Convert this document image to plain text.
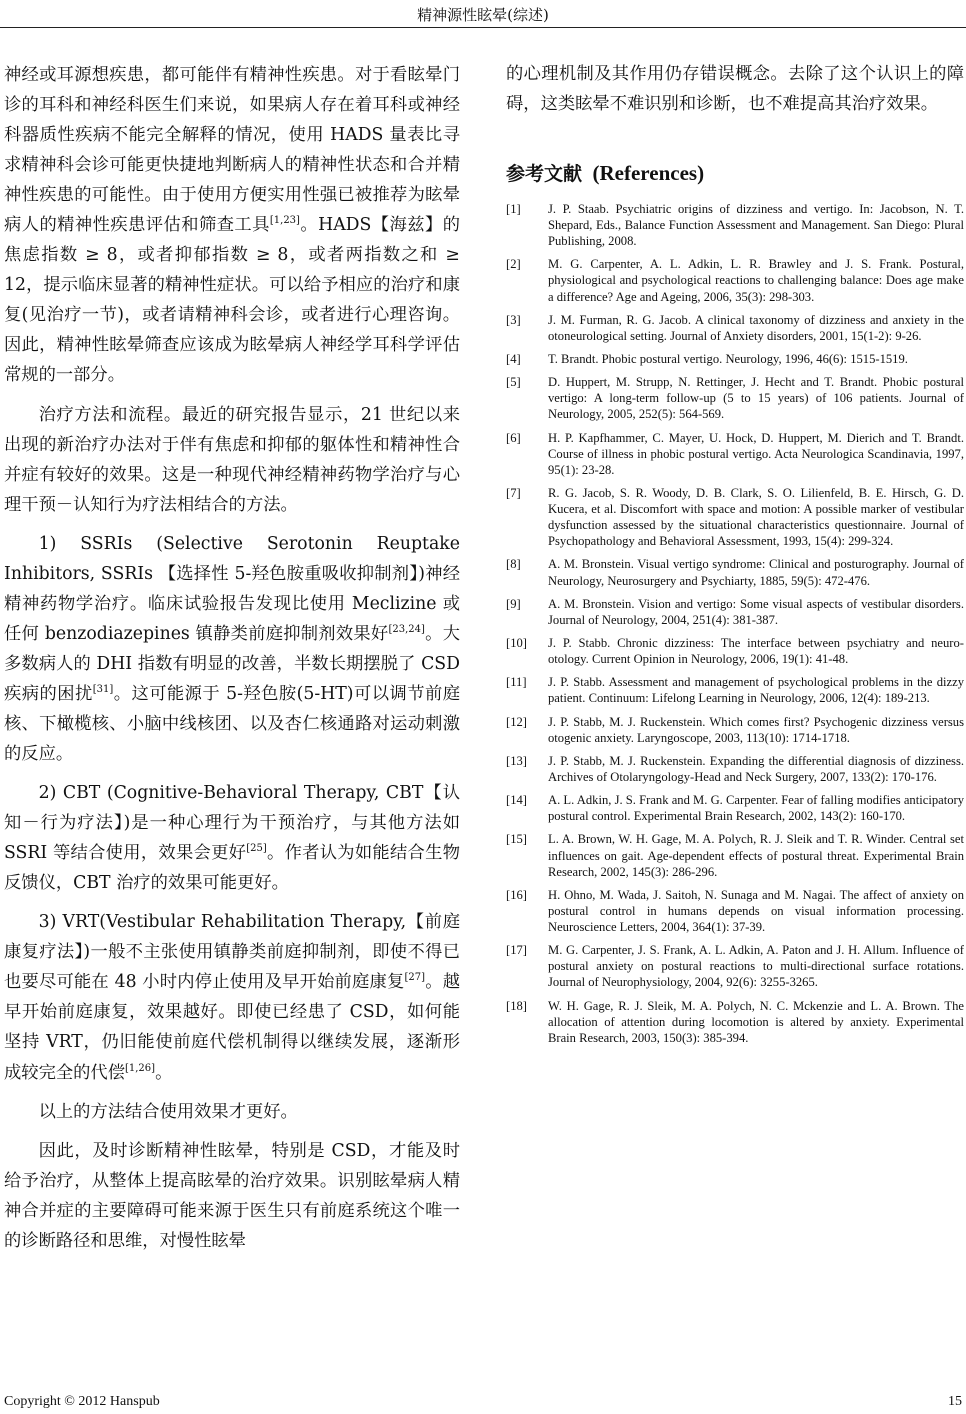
精神源性眩晕(综述)

神经或耳源想疾患，都可能伴有精神性疾患。对于看眩晕门诊的耳科和神经科医生们来说，如果病人存在着耳科或神经科器质性疾病不能完全解释的情况，使用 HADS 量表比寻求精神科会诊可能更快捷地判断病人的精神性状态和合并精神性疾患的可能性。由于使用方便实用性强已被推荐为眩晕病人的精神性疾患评估和筛查工具[1,23]。HADS【海兹】的焦虑指数 ≥ 8，或者抑郁指数 ≥ 8，或者两指数之和 ≥ 12，提示临床显著的精神性症状。可以给予相应的治疗和康复(见治疗一节)，或者请精神科会诊，或者进行心理咨询。因此，精神性眩晕筛查应该成为眩晕病人神经学耳科学评估常规的一部分。

治疗方法和流程。最近的研究报告显示，21 世纪以来出现的新治疗办法对于伴有焦虑和抑郁的躯体性和精神性合并症有较好的效果。这是一种现代神经精神药物学治疗与心理干预－认知行为疗法相结合的方法。

1) SSRIs (Selective Serotonin Reuptake Inhibitors, SSRIs 【选择性 5-羟色胺重吸收抑制剂】)神经精神药物学治疗。临床试验报告发现比使用 Meclizine 或任何 benzodiazepines 镇静类前庭抑制剂效果好[23,24]。大多数病人的 DHI 指数有明显的改善，半数长期摆脱了 CSD 疾病的困扰[31]。这可能源于 5-羟色胺(5-HT)可以调节前庭核、下橄榄核、小脑中线核团、以及杏仁核通路对运动刺激的反应。

2) CBT (Cognitive-Behavioral Therapy, CBT【认知－行为疗法】)是一种心理行为干预治疗，与其他方法如 SSRI 等结合使用，效果会更好[25]。作者认为如能结合生物反馈仪，CBT 治疗的效果可能更好。

3) VRT(Vestibular Rehabilitation Therapy,【前庭康复疗法】)一般不主张使用镇静类前庭抑制剂，即使不得已也要尽可能在 48 小时内停止使用及早开始前庭康复[27]。越早开始前庭康复，效果越好。即使已经患了 CSD，如何能坚持 VRT，仍旧能使前庭代偿机制得以继续发展，逐渐形成较完全的代偿[1,26]。

以上的方法结合使用效果才更好。

因此，及时诊断精神性眩晕，特别是 CSD，才能及时给予治疗，从整体上提高眩晕的治疗效果。识别眩晕病人精神合并症的主要障碍可能来源于医生只有前庭系统这个唯一的诊断路径和思维，对慢性眩晕

的心理机制及其作用仍存错误概念。去除了这个认识上的障碍，这类眩晕不难识别和诊断，也不难提高其治疗效果。

参考文献 (References)
[1]	J. P. Staab. Psychiatric origins of dizziness and vertigo. In: Jacobson, N. T. Shepard, Eds., Balance Function Assessment and Management. San Diego: Plural Publishing, 2008.
[2]	M. G. Carpenter, A. L. Adkin, L. R. Brawley and J. S. Frank. Postural, physiological and psychological reactions to challenging balance: Does age make a difference? Age and Ageing, 2006, 35(3): 298-303.
[3]	J. M. Furman, R. G. Jacob. A clinical taxonomy of dizziness and anxiety in the otoneurological setting. Journal of Anxiety disorders, 2001, 15(1-2): 9-26.
[4]	T. Brandt. Phobic postural vertigo. Neurology, 1996, 46(6): 1515-1519.
[5]	D. Huppert, M. Strupp, N. Rettinger, J. Hecht and T. Brandt. Phobic postural vertigo: A long-term follow-up (5 to 15 years) of 106 patients. Journal of Neurology, 2005, 252(5): 564-569.
[6]	H. P. Kapfhammer, C. Mayer, U. Hock, D. Huppert, M. Dierich and T. Brandt. Course of illness in phobic postural vertigo. Acta Neurologica Scandinavia, 1997, 95(1): 23-28.
[7]	R. G. Jacob, S. R. Woody, D. B. Clark, S. O. Lilienfeld, B. E. Hirsch, G. D. Kucera, et al. Discomfort with space and motion: A possible marker of vestibular dysfunction assessed by the situational characteristics questionnaire. Journal of Psychopathology and Behavioral Assessment, 1993, 15(4): 299-324.
[8]	A. M. Bronstein. Visual vertigo syndrome: Clinical and posturography. Journal of Neurology, Neurosurgery and Psychiarty, 1885, 59(5): 472-476.
[9]	A. M. Bronstein. Vision and vertigo: Some visual aspects of vestibular disorders. Journal of Neurology, 2004, 251(4): 381-387.
[10]	J. P. Stabb. Chronic dizziness: The interface between psychiatry and neuro-otology. Current Opinion in Neurology, 2006, 19(1): 41-48.
[11]	J. P. Stabb. Assessment and management of psychological problems in the dizzy patient. Continuum: Lifelong Learning in Neurology, 2006, 12(4): 189-213.
[12]	J. P. Stabb, M. J. Ruckenstein. Which comes first? Psychogenic dizziness versus otogenic anxiety. Laryngoscope, 2003, 113(10): 1714-1718.
[13]	J. P. Stabb, M. J. Ruckenstein. Expanding the differential diagnosis of dizziness. Archives of Otolaryngology-Head and Neck Surgery, 2007, 133(2): 170-176.
[14]	A. L. Adkin, J. S. Frank and M. G. Carpenter. Fear of falling modifies anticipatory postural control. Experimental Brain Research, 2002, 143(2): 160-170.
[15]	L. A. Brown, W. H. Gage, M. A. Polych, R. J. Sleik and T. R. Winder. Central set influences on gait. Age-dependent effects of postural threat. Experimental Brain Research, 2002, 145(3): 286-296.
[16]	H. Ohno, M. Wada, J. Saitoh, N. Sunaga and M. Nagai. The affect of anxiety on postural control in humans depends on visual information processing. Neuroscience Letters, 2004, 364(1): 37-39.
[17]	M. G. Carpenter, J. S. Frank, A. L. Adkin, A. Paton and J. H. Allum. Influence of postural anxiety on postural reactions to multi-directional surface rotations. Journal of Neurophysiology, 2004, 92(6): 3255-3265.
[18]	W. H. Gage, R. J. Sleik, M. A. Polych, N. C. Mckenzie and L. A. Brown. The allocation of attention during locomotion is altered by anxiety. Experimental Brain Research, 2003, 150(3): 385-394.
Copyright © 2012 Hanspub	15
